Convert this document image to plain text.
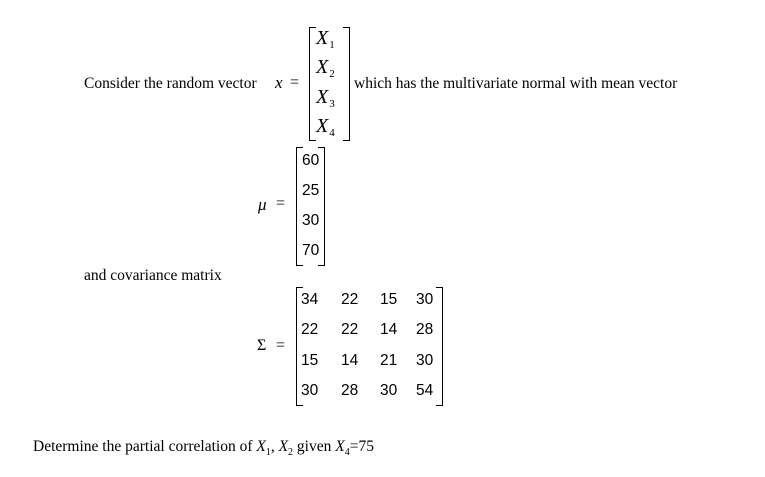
Consider the random vector x =
$X_1$
$X_2$
$X_3$
$X_4$
which has the multivariate normal with mean vector
μ =
60
25
30
70
and covariance matrix
Σ =
34 22 15 30
22 22 14 28
15 14 21 30
30 28 30 54
Determine the partial correlation of $X_1$, $X_2$ given $X_4=75$
